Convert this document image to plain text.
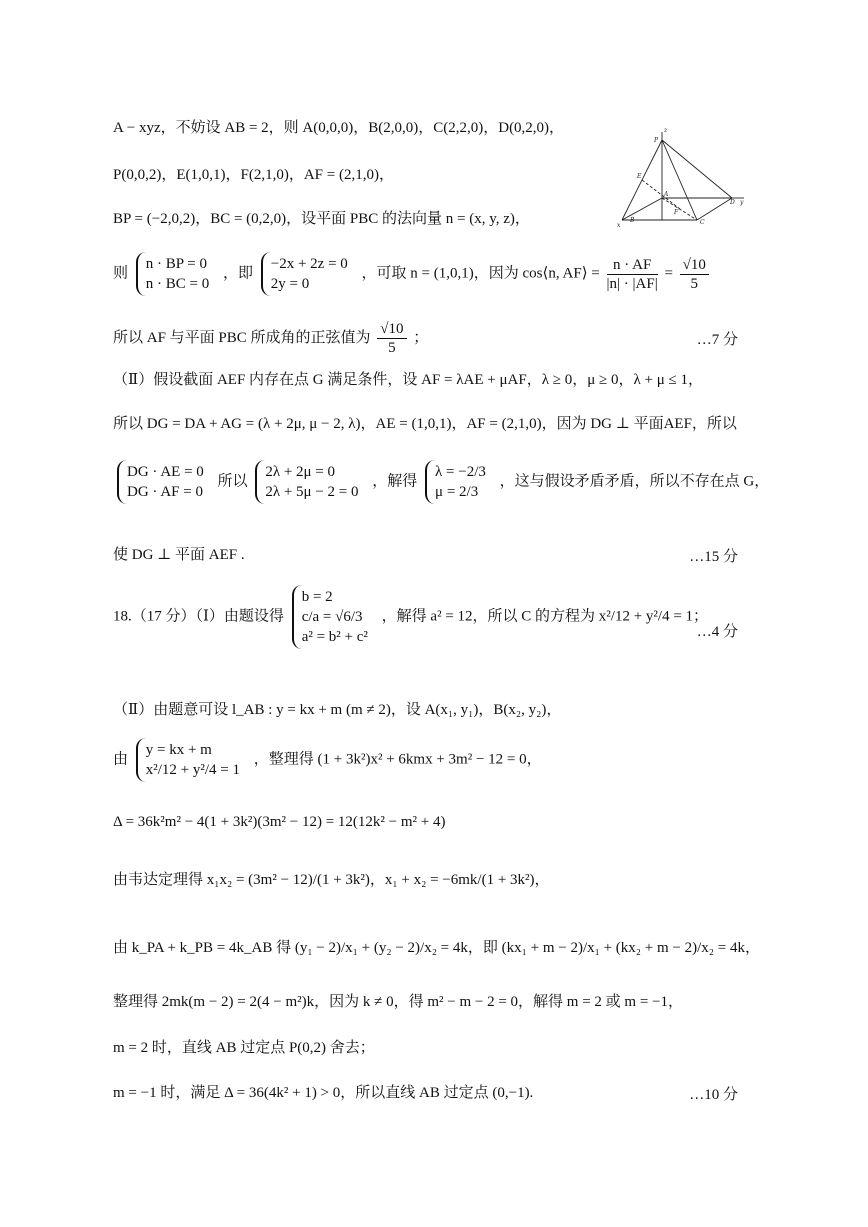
A − xyz，不妨设 AB = 2，则 A(0,0,0)，B(2,0,0)，C(2,2,0)，D(0,2,0)，
P(0,0,2)，E(1,0,1)，F(2,1,0)，AF = (2,1,0)，
BP = (−2,0,2)，BC = (0,2,0)，设平面 PBC 的法向量 n = (x, y, z)，
z
P
E
D y
B	C
x
A
F
则
n · BP = 0
n · BC = 0
，即
−2x + 2z = 0
2y = 0
，可取 n = (1,0,1)，因为 cos⟨n, AF⟩ = $\frac{n \cdot AF}{|n| \cdot |AF|} = \frac{√10}{5}$
所以 AF 与平面 PBC 所成角的正弦值为 $\frac{√10}{5}$ ；	…7 分
（Ⅱ）假设截面 AEF 内存在点 G 满足条件，设 AF = λAE + μAF，λ ≥ 0，μ ≥ 0，λ + μ ≤ 1，
所以 DG = DA + AG = (λ + 2μ, μ − 2, λ)，AE = (1,0,1)，AF = (2,1,0)，因为 DG ⊥ 平面AEF，所以
DG · AE = 0
DG · AF = 0
所以
2λ + 2μ = 0
2λ + 5μ − 2 = 0
，解得
λ = −2/3
μ = 2/3
，这与假设矛盾矛盾，所以不存在点 G，
使 DG ⊥ 平面 AEF .	…15 分
18.（17 分）（Ⅰ）由题设得
b = 2
c/a = √6/3
a² = b² + c²
，解得 a² = 12，所以 C 的方程为 x²/12 + y²/4 = 1；
…4 分
（Ⅱ）由题意可设 l_AB : y = kx + m (m ≠ 2)，设 A(x₁, y₁)，B(x₂, y₂)，
由
y = kx + m
x²/12 + y²/4 = 1
，整理得 (1 + 3k²)x² + 6kmx + 3m² − 12 = 0，
Δ = 36k²m² − 4(1 + 3k²)(3m² − 12) = 12(12k² − m² + 4)
由韦达定理得 x₁x₂ = (3m² − 12)/(1 + 3k²)，x₁ + x₂ = −6mk/(1 + 3k²)，
由 k_PA + k_PB = 4k_AB 得 (y₁ − 2)/x₁ + (y₂ − 2)/x₂ = 4k，即 (kx₁ + m − 2)/x₁ + (kx₂ + m − 2)/x₂ = 4k，
整理得 2mk(m − 2) = 2(4 − m²)k，因为 k ≠ 0，得 m² − m − 2 = 0，解得 m = 2 或 m = −1，
m = 2 时，直线 AB 过定点 P(0,2) 舍去；
m = −1 时，满足 Δ = 36(4k² + 1) > 0，所以直线 AB 过定点 (0,−1).	…10 分
